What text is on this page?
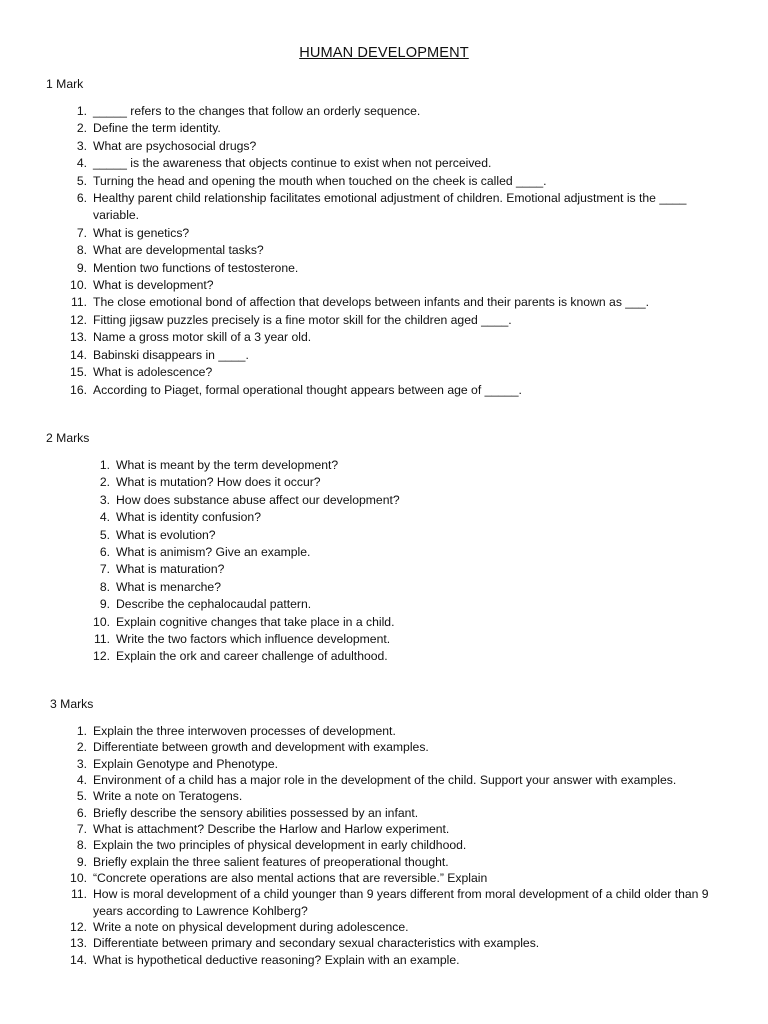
HUMAN DEVELOPMENT
1 Mark
1. _____ refers to the changes that follow an orderly sequence.
2. Define the term identity.
3. What are psychosocial drugs?
4. _____ is the awareness that objects continue to exist when not perceived.
5. Turning the head and opening the mouth when touched on the cheek is called ____.
6. Healthy parent child relationship facilitates emotional adjustment of children. Emotional adjustment is the ____ variable.
7. What is genetics?
8. What are developmental tasks?
9. Mention two functions of testosterone.
10. What is development?
11. The close emotional bond of affection that develops between infants and their parents is known as ___.
12. Fitting jigsaw puzzles precisely is a fine motor skill for the children aged ____.
13. Name a gross motor skill of a 3 year old.
14. Babinski disappears in ____.
15. What is adolescence?
16. According to Piaget, formal operational thought appears between age of _____.
2 Marks
1. What is meant by the term development?
2. What is mutation? How does it occur?
3. How does substance abuse affect our development?
4. What is identity confusion?
5. What is evolution?
6. What is animism? Give an example.
7. What is maturation?
8. What is menarche?
9. Describe the cephalocaudal pattern.
10. Explain cognitive changes that take place in a child.
11. Write the two factors which influence development.
12. Explain the ork and career challenge of adulthood.
3 Marks
1. Explain the three interwoven processes of development.
2. Differentiate between growth and development with examples.
3. Explain Genotype and Phenotype.
4. Environment of a child has a major role in the development of the child. Support your answer with examples.
5. Write a note on Teratogens.
6. Briefly describe the sensory abilities possessed by an infant.
7. What is attachment? Describe the Harlow and Harlow experiment.
8. Explain the two principles of physical development in early childhood.
9. Briefly explain the three salient features of preoperational thought.
10. “Concrete operations are also mental actions that are reversible.” Explain
11. How is moral development of a child younger than 9 years different from moral development of a child older than 9 years according to Lawrence Kohlberg?
12. Write a note on physical development during adolescence.
13. Differentiate between primary and secondary sexual characteristics with examples.
14. What is hypothetical deductive reasoning? Explain with an example.
